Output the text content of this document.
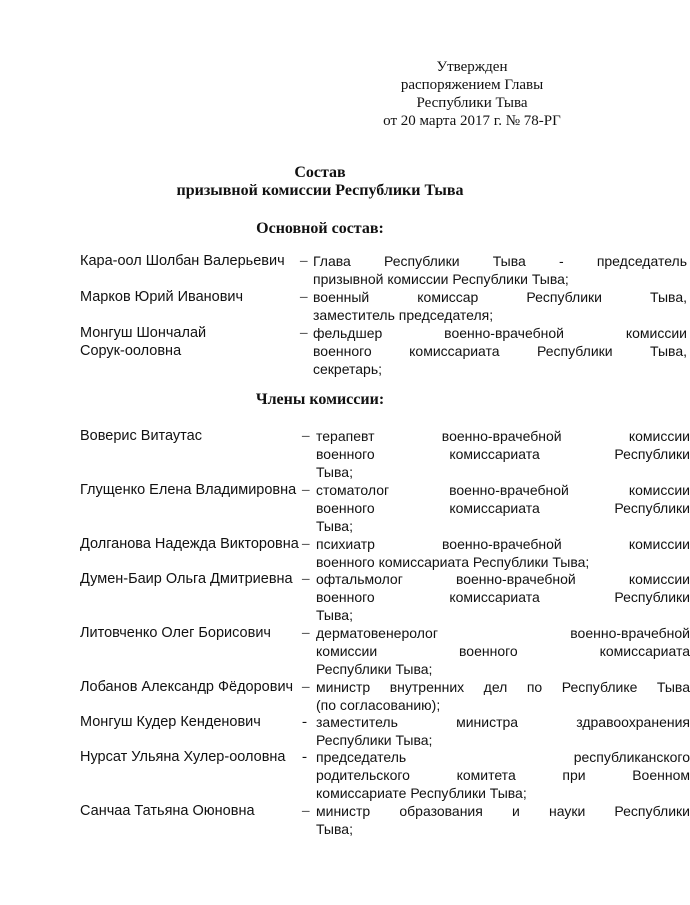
Утвержден
распоряжением Главы
Республики Тыва
от 20 марта 2017 г. № 78-РГ
Состав
призывной комиссии Республики Тыва
Основной состав:
Кара-оол Шолбан Валерьевич	– Глава Республики Тыва - председатель
призывной комиссии Республики Тыва;
Марков Юрий Иванович	– военный комиссар Республики Тыва,
заместитель председателя;
Монгуш Шончалай
Сорук-ооловна
– фельдшер военно-врачебной комиссии
военного комиссариата Республики Тыва,
секретарь;
Члены комиссии:
Воверис Витаутас	– терапевт военно-врачебной комиссии
военного комиссариата Республики
Тыва;
Глущенко Елена Владимировна – стоматолог военно-врачебной комиссии
военного комиссариата Республики
Тыва;
Долганова Надежда Викторовна – психиатр военно-врачебной комиссии
военного комиссариата Республики Тыва;
Думен-Баир Ольга Дмитриевна – офтальмолог военно-врачебной комиссии
военного комиссариата Республики
Тыва;
Литовченко Олег Борисович	– дерматовенеролог военно-врачебной
комиссии военного комиссариата
Республики Тыва;
Лобанов Александр Фёдорович – министр внутренних дел по Республике Тыва
(по согласованию);
Монгуш Кудер Кенденович	- заместитель министра здравоохранения
Республики Тыва;
Нурсат Ульяна Хулер-ооловна	- председатель республиканского
родительского комитета при Военном
комиссариате Республики Тыва;
Санчаа Татьяна Оюновна	– министр образования и науки Республики
Тыва;
